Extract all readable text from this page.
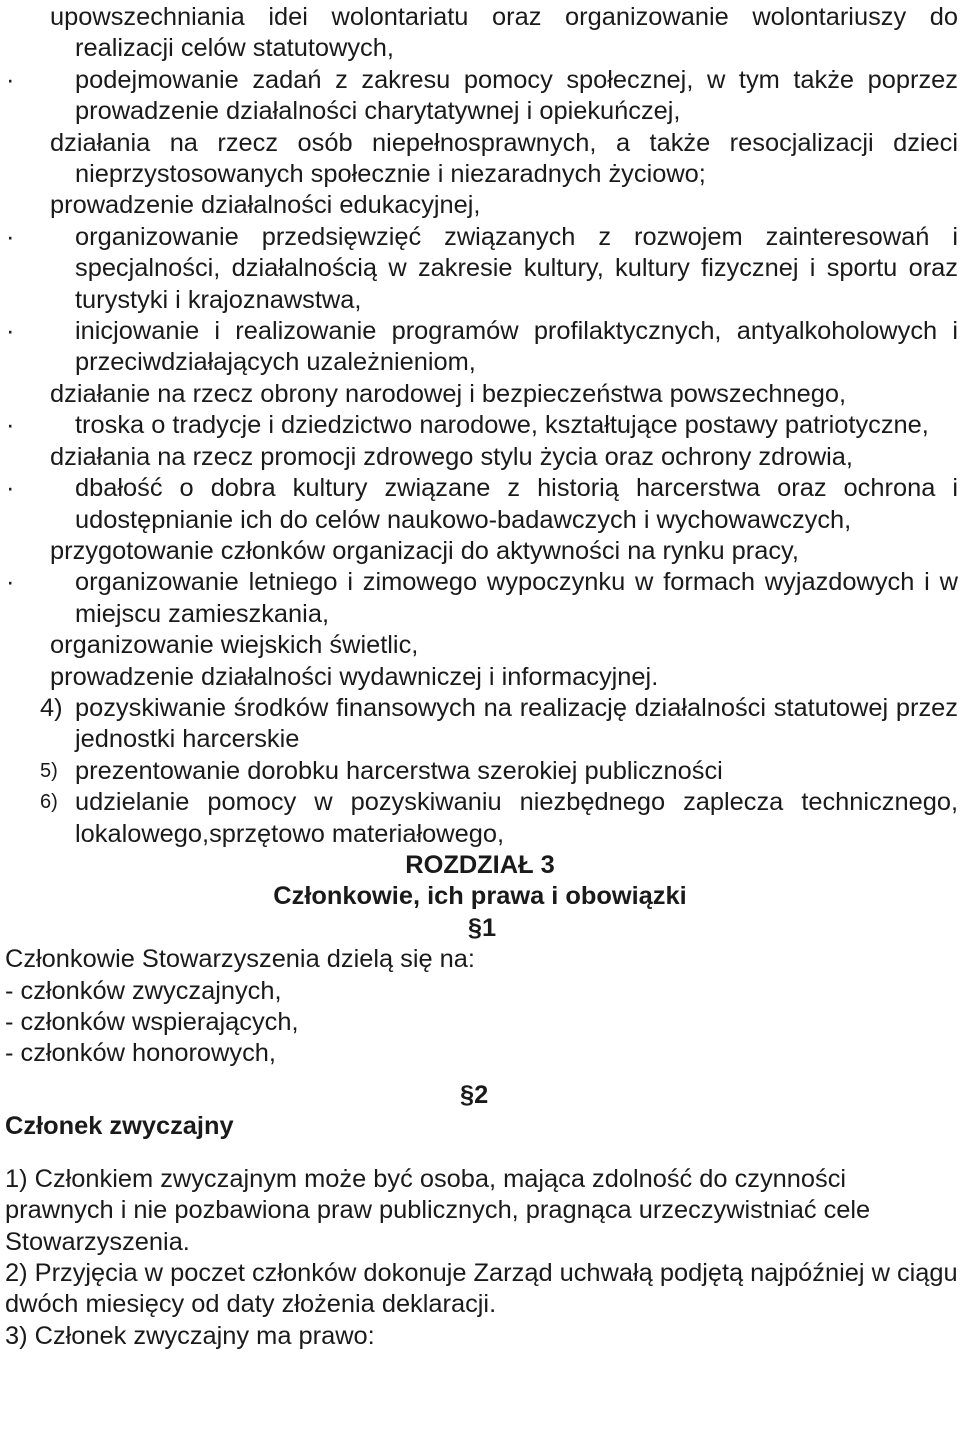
upowszechniania idei wolontariatu oraz organizowanie wolontariuszy do realizacji celów statutowych,
·	podejmowanie zadań z zakresu pomocy społecznej, w tym także poprzez prowadzenie działalności charytatywnej i opiekuńczej,
działania na rzecz osób niepełnosprawnych, a także resocjalizacji dzieci nieprzystosowanych społecznie i niezaradnych życiowo;
prowadzenie działalności edukacyjnej,
·	organizowanie przedsięwzięć związanych z rozwojem zainteresowań i specjalności, działalnością w zakresie kultury, kultury fizycznej i sportu oraz turystyki i krajoznawstwa,
·	inicjowanie i realizowanie programów profilaktycznych, antyalkoholowych i przeciwdziałających uzależnieniom,
działanie na rzecz obrony narodowej i bezpieczeństwa powszechnego,
·	troska o tradycje i dziedzictwo narodowe, kształtujące postawy patriotyczne,
działania na rzecz promocji zdrowego stylu życia oraz ochrony zdrowia,
·	dbałość o dobra kultury związane z historią harcerstwa oraz ochrona i udostępnianie ich do celów naukowo-badawczych i wychowawczych,
przygotowanie członków organizacji do aktywności na rynku pracy,
·	organizowanie letniego i zimowego wypoczynku w formach wyjazdowych i w miejscu zamieszkania,
organizowanie wiejskich świetlic,
prowadzenie działalności wydawniczej i informacyjnej.
4) pozyskiwanie środków finansowych na realizację działalności statutowej przez jednostki harcerskie
5) prezentowanie dorobku harcerstwa szerokiej publiczności
6) udzielanie pomocy w pozyskiwaniu niezbędnego zaplecza technicznego, lokalowego,sprzętowo materiałowego,
ROZDZIAŁ 3
Członkowie, ich prawa i obowiązki
§1
Członkowie Stowarzyszenia dzielą się na:
- członków zwyczajnych,
- członków wspierających,
- członków honorowych,
§2
Członek zwyczajny
1) Członkiem zwyczajnym może być osoba, mająca zdolność do czynności prawnych i nie pozbawiona praw publicznych, pragnąca urzeczywistniać cele Stowarzyszenia.
2) Przyjęcia w poczet członków dokonuje Zarząd uchwałą podjętą najpóźniej w ciągu dwóch miesięcy od daty złożenia deklaracji.
3) Członek zwyczajny ma prawo:
